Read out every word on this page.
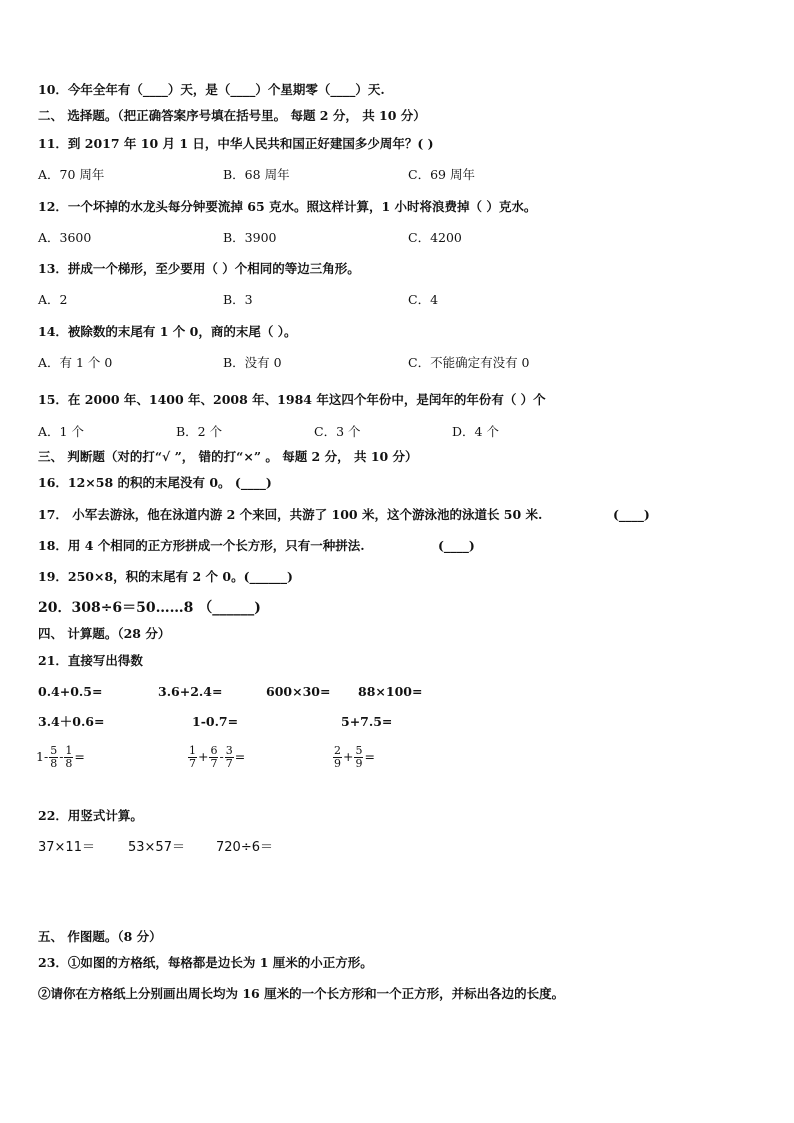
10．今年全年有（____）天，是（____）个星期零（____）天.
二、 选择题。（把正确答案序号填在括号里。 每题 2 分， 共 10 分）
11．到 2017 年 10 月 1 日，中华人民共和国正好建国多少周年？( )
A．70 周年	B．68 周年	C．69 周年
12．一个坏掉的水龙头每分钟要流掉 65 克水。照这样计算，1 小时将浪费掉（ ）克水。
A．3600	B．3900	C．4200
13．拼成一个梯形，至少要用（ ）个相同的等边三角形。
A．2	B．3	C．4
14．被除数的末尾有 1 个 0，商的末尾（ ）。
A．有 1 个 0	B．没有 0	C．不能确定有没有 0
15．在 2000 年、1400 年、2008 年、1984 年这四个年份中，是闰年的年份有（ ）个
A．1 个	B．2 个	C．3 个	D．4 个
三、 判断题（对的打“√ ”， 错的打“×” 。 每题 2 分， 共 10 分）
16．12×58 的积的末尾没有 0。 (____)
17． 小军去游泳，他在泳道内游 2 个来回，共游了 100 米，这个游泳池的泳道长 50 米.	(____)
18．用 4 个相同的正方形拼成一个长方形，只有一种拼法.	(____)
19．250×8，积的末尾有 2 个 0。(______)
20．308÷6＝50……8 （______)
四、 计算题。（28 分）
21．直接写出得数
0.4+0.5=	3.6+2.4=	600×30= 88×100=
3.4＋0.6=	1-0.7=	5+7.5=
$1- \frac{5}{8} - \frac{1}{8}$ =	$\frac{1}{7} + \frac{6}{7} - \frac{3}{7}$ =	$\frac{2}{9} + \frac{5}{9}$ =
22．用竖式计算。
37×11＝	53×57＝ 720÷6＝
五、 作图题。（8 分）
23．①如图的方格纸，每格都是边长为 1 厘米的小正方形。
②请你在方格纸上分别画出周长均为 16 厘米的一个长方形和一个正方形，并标出各边的长度。
